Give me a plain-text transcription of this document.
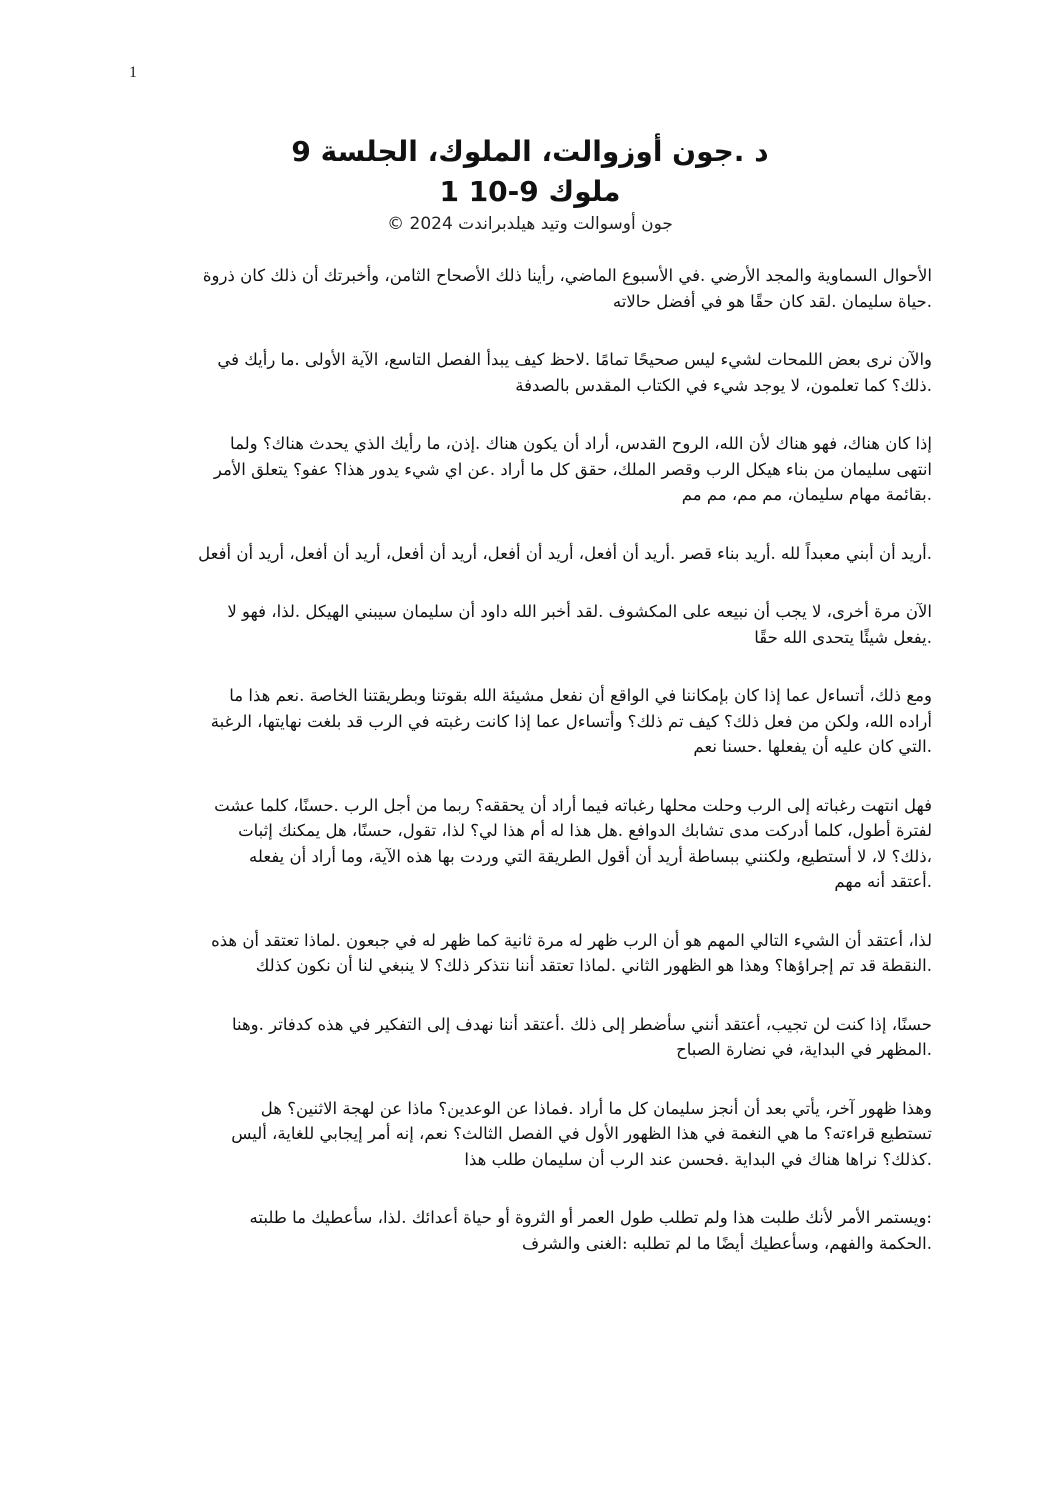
1
د .جون أوزوالت، الملوك، الجلسة 9
ملوك 9-10 1
جون أوسوالت وتيد هيلدبراندت 2024 ©

الأحوال السماوية والمجد الأرضي .في الأسبوع الماضي، رأينا ذلك الأصحاح الثامن، وأخبرتك أن ذلك كان ذروة
.حياة سليمان .لقد كان حقًا هو في أفضل حالاته

والآن نرى بعض اللمحات لشيء ليس صحيحًا تمامًا .لاحظ كيف يبدأ الفصل التاسع، الآية الأولى .ما رأيك في
.ذلك؟ كما تعلمون، لا يوجد شيء في الكتاب المقدس بالصدفة

إذا كان هناك، فهو هناك لأن الله، الروح القدس، أراد أن يكون هناك .إذن، ما رأيك الذي يحدث هناك؟ ولما
انتهى سليمان من بناء هيكل الرب وقصر الملك، حقق كل ما أراد .عن اي شيء يدور هذا؟ عفو؟ يتعلق الأمر
.بقائمة مهام سليمان، مم مم، مم مم

.أريد أن أبني معبداً لله .أريد بناء قصر .أريد أن أفعل، أريد أن أفعل، أريد أن أفعل، أريد أن أفعل، أريد أن أفعل

الآن مرة أخرى، لا يجب أن نبيعه على المكشوف .لقد أخبر الله داود أن سليمان سيبني الهيكل .لذا، فهو لا
.يفعل شيئًا يتحدى الله حقًا

ومع ذلك، أتساءل عما إذا كان بإمكاننا في الواقع أن نفعل مشيئة الله بقوتنا وبطريقتنا الخاصة .نعم هذا ما
أراده الله، ولكن من فعل ذلك؟ كيف تم ذلك؟ وأتساءل عما إذا كانت رغبته في الرب قد بلغت نهايتها، الرغبة
.التي كان عليه أن يفعلها .حسنا نعم

فهل انتهت رغباته إلى الرب وحلت محلها رغباته فيما أراد أن يحققه؟ ربما من أجل الرب .حسنًا، كلما عشت
لفترة أطول، كلما أدركت مدى تشابك الدوافع .هل هذا له أم هذا لي؟ لذا، تقول، حسنًا، هل يمكنك إثبات
،ذلك؟ لا، لا أستطيع، ولكنني ببساطة أريد أن أقول الطريقة التي وردت بها هذه الآية، وما أراد أن يفعله
.أعتقد أنه مهم

لذا، أعتقد أن الشيء التالي المهم هو أن الرب ظهر له مرة ثانية كما ظهر له في جبعون .لماذا تعتقد أن هذه
.النقطة قد تم إجراؤها؟ وهذا هو الظهور الثاني .لماذا تعتقد أننا نتذكر ذلك؟ لا ينبغي لنا أن نكون كذلك

حسنًا، إذا كنت لن تجيب، أعتقد أنني سأضطر إلى ذلك .أعتقد أننا نهدف إلى التفكير في هذه كدفاتر .وهنا
.المظهر في البداية، في نضارة الصباح

وهذا ظهور آخر، يأتي بعد أن أنجز سليمان كل ما أراد .فماذا عن الوعدين؟ ماذا عن لهجة الاثنين؟ هل
تستطيع قراءته؟ ما هي النغمة في هذا الظهور الأول في الفصل الثالث؟ نعم، إنه أمر إيجابي للغاية، أليس
.كذلك؟ نراها هناك في البداية .فحسن عند الرب أن سليمان طلب هذا

:ويستمر الأمر لأنك طلبت هذا ولم تطلب طول العمر أو الثروة أو حياة أعدائك .لذا، سأعطيك ما طلبته
.الحكمة والفهم، وسأعطيك أيضًا ما لم تطلبه :الغنى والشرف
